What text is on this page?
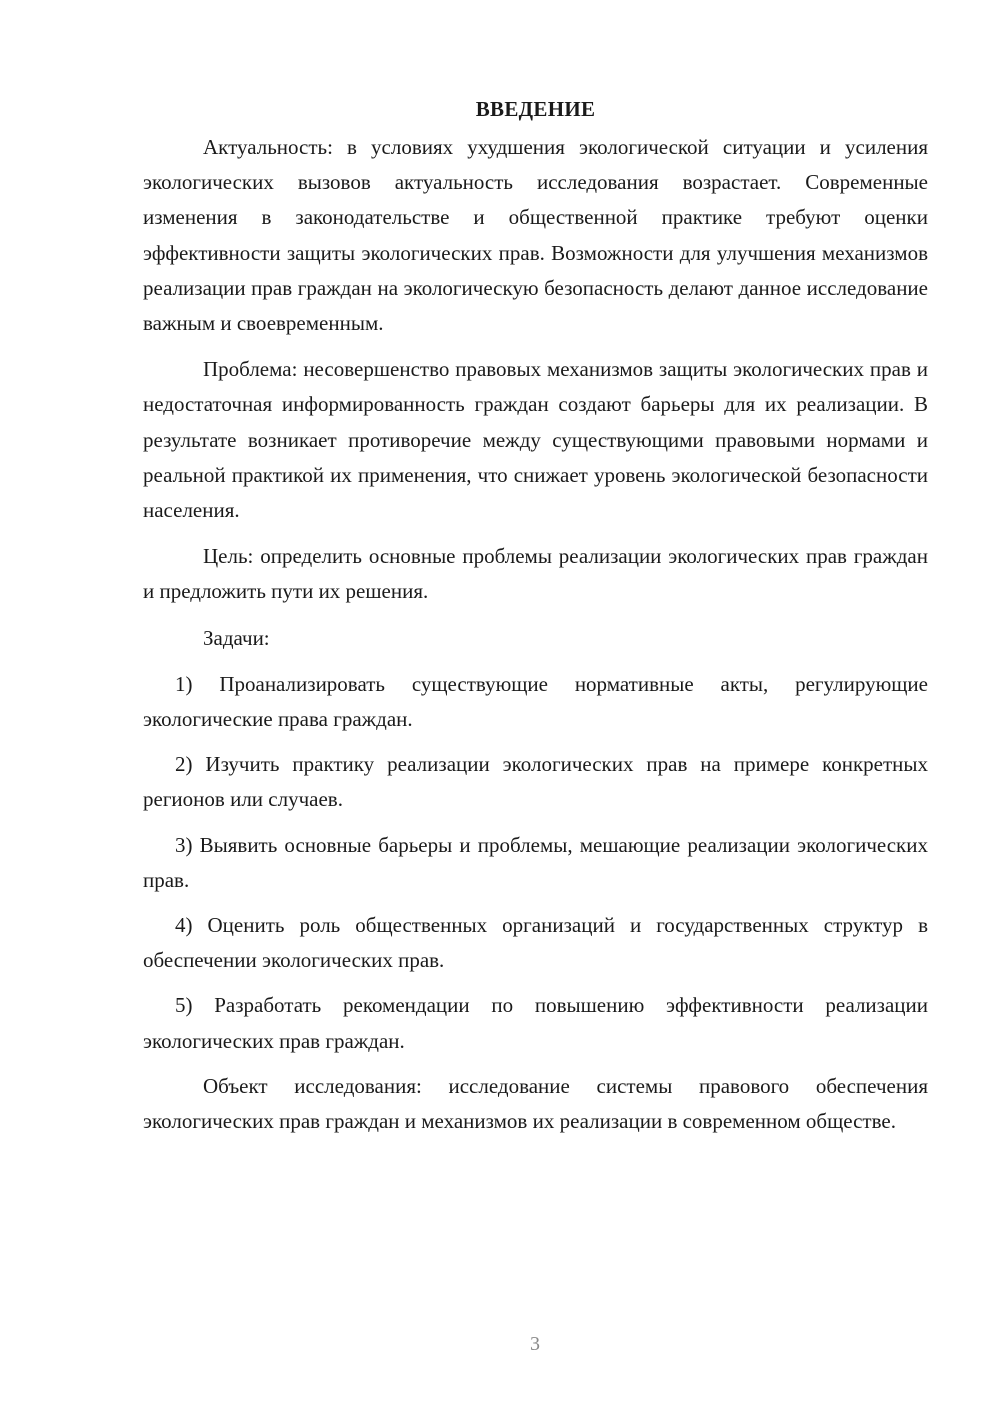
ВВЕДЕНИЕ

Актуальность: в условиях ухудшения экологической ситуации и усиления экологических вызовов актуальность исследования возрастает. Современные изменения в законодательстве и общественной практике требуют оценки эффективности защиты экологических прав. Возможности для улучшения механизмов реализации прав граждан на экологическую безопасность делают данное исследование важным и своевременным.

Проблема: несовершенство правовых механизмов защиты экологических прав и недостаточная информированность граждан создают барьеры для их реализации. В результате возникает противоречие между существующими правовыми нормами и реальной практикой их применения, что снижает уровень экологической безопасности населения.

Цель: определить основные проблемы реализации экологических прав граждан и предложить пути их решения.

Задачи:

1) Проанализировать существующие нормативные акты, регулирующие экологические права граждан.

2) Изучить практику реализации экологических прав на примере конкретных регионов или случаев.

3) Выявить основные барьеры и проблемы, мешающие реализации экологических прав.

4) Оценить роль общественных организаций и государственных структур в обеспечении экологических прав.

5) Разработать рекомендации по повышению эффективности реализации экологических прав граждан.

Объект исследования: исследование системы правового обеспечения экологических прав граждан и механизмов их реализации в современном обществе.

3
